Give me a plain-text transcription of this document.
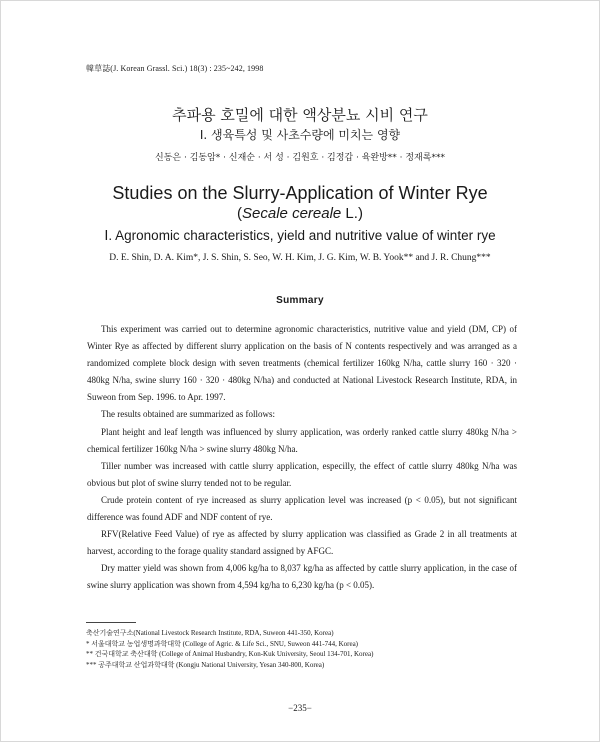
韓草誌(J. Korean Grassl. Sci.) 18(3) : 235~242, 1998
추파용 호밀에 대한 액상분뇨 시비 연구
Ⅰ. 생육특성 및 사초수량에 미치는 영향
신동은 · 김동암* · 신재순 · 서 성 · 김원호 · 김정갑 · 육완방** · 정재록***
Studies on the Slurry-Application of Winter Rye
(Secale cereale L.)
Ⅰ. Agronomic characteristics, yield and nutritive value of winter rye
D. E. Shin, D. A. Kim*, J. S. Shin, S. Seo, W. H. Kim, J. G. Kim, W. B. Yook** and J. R. Chung***
Summary

This experiment was carried out to determine agronomic characteristics, nutritive value and yield (DM, CP) of Winter Rye as affected by different slurry application on the basis of N contents respectively and was arranged as a randomized complete block design with seven treatments (chemical fertilizer 160kg N/ha, cattle slurry 160 · 320 · 480kg N/ha, swine slurry 160 · 320 · 480kg N/ha) and conducted at National Livestock Research Institute, RDA, in Suweon from Sep. 1996. to Apr. 1997.

The results obtained are summarized as follows:

Plant height and leaf length was influenced by slurry application, was orderly ranked cattle slurry 480kg N/ha > chemical fertilizer 160kg N/ha > swine slurry 480kg N/ha.

Tiller number was increased with cattle slurry application, especilly, the effect of cattle slurry 480kg N/ha was obvious but plot of swine slurry tended not to be regular.

Crude protein content of rye increased as slurry application level was increased (p < 0.05), but not significant difference was found ADF and NDF content of rye.

RFV(Relative Feed Value) of rye as affected by slurry application was classified as Grade 2 in all treatments at harvest, according to the forage quality standard assigned by AFGC.

Dry matter yield was shown from 4,006 kg/ha to 8,037 kg/ha as affected by cattle slurry application, in the case of swine slurry application was shown from 4,594 kg/ha to 6,230 kg/ha (p < 0.05).

축산기술연구소(National Livestock Research Institute, RDA, Suweon 441-350, Korea)
* 서울대학교 농업생명과학대학 (College of Agric. & Life Sci., SNU, Suweon 441-744, Korea)
** 건국대학교 축산대학 (College of Animal Husbandry, Kon-Kuk University, Seoul 134-701, Korea)
*** 공주대학교 산업과학대학 (Kongju National University, Yesan 340-800, Korea)
−235−
